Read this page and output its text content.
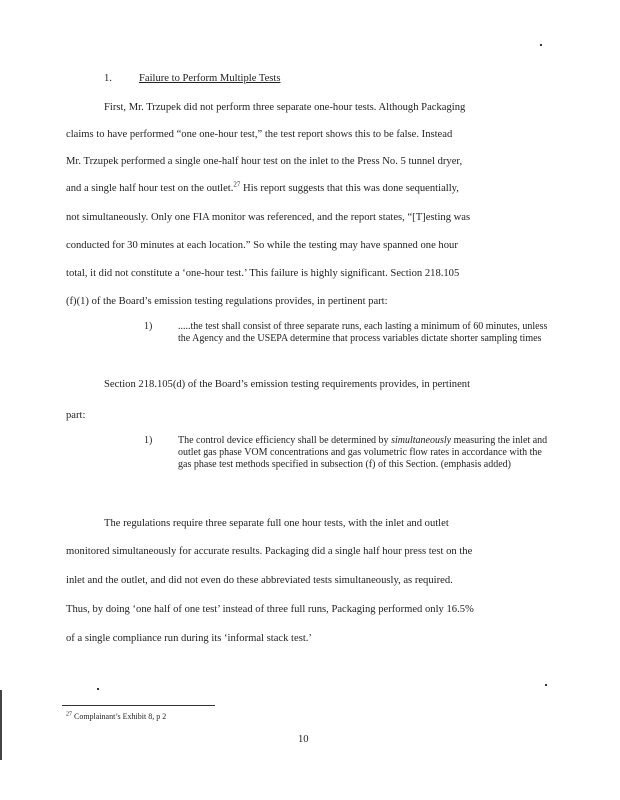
1.	Failure to Perform Multiple Tests
First, Mr. Trzupek did not perform three separate one-hour tests. Although Packaging
claims to have performed “one one-hour test,” the test report shows this to be false. Instead
Mr. Trzupek performed a single one-half hour test on the inlet to the Press No. 5 tunnel dryer,
and a single half hour test on the outlet.$^{27}$ His report suggests that this was done sequentially,
not simultaneously. Only one FIA monitor was referenced, and the report states, “[T]esting was
conducted for 30 minutes at each location.” So while the testing may have spanned one hour
total, it did not constitute a ‘one-hour test.’ This failure is highly significant. Section 218.105
(f)(1) of the Board’s emission testing regulations provides, in pertinent part:
1)	.....the test shall consist of three separate runs, each lasting a minimum of 60 minutes, unless the Agency and the USEPA determine that process variables dictate shorter sampling times
Section 218.105(d) of the Board’s emission testing requirements provides, in pertinent
part:
1)	The control device efficiency shall be determined by simultaneously measuring the inlet and outlet gas phase VOM concentrations and gas volumetric flow rates in accordance with the gas phase test methods specified in subsection (f) of this Section. (emphasis added)
The regulations require three separate full one hour tests, with the inlet and outlet
monitored simultaneously for accurate results. Packaging did a single half hour press test on the
inlet and the outlet, and did not even do these abbreviated tests simultaneously, as required.
Thus, by doing ‘one half of one test’ instead of three full runs, Packaging performed only 16.5%
of a single compliance run during its ‘informal stack test.’
$^{27}$ Complainant’s Exhibit 8, p 2
10
